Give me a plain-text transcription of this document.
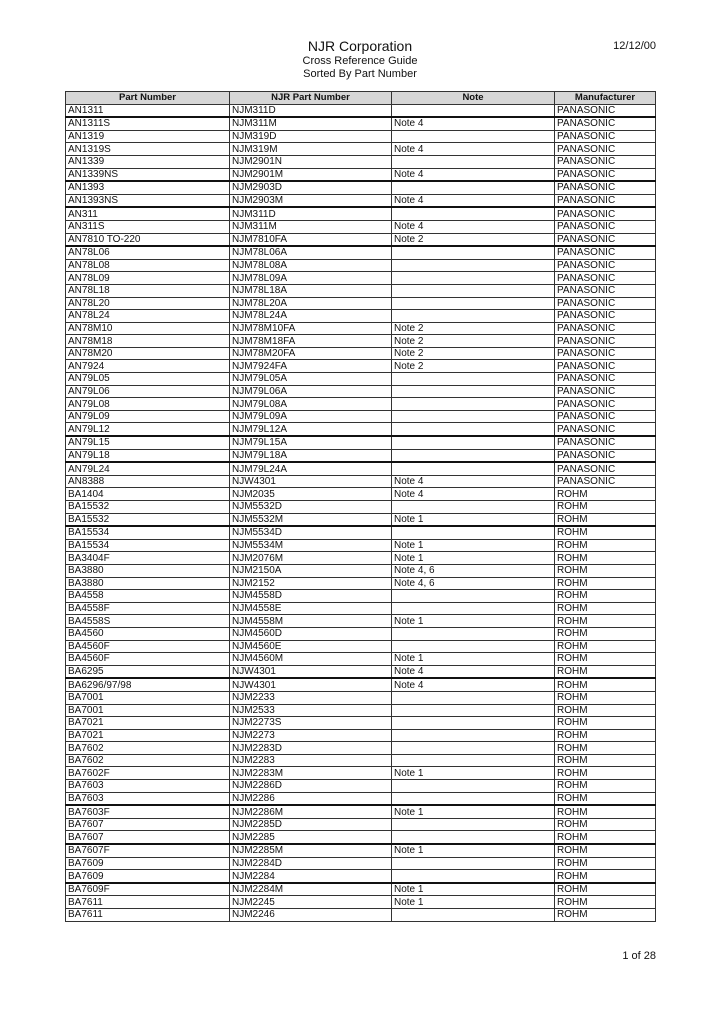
NJR Corporation
Cross Reference Guide
Sorted By Part Number
12/12/00
Part Number	NJR Part Number	Note	Manufacturer
AN1311	NJM311D		PANASONIC
AN1311S	NJM311M	Note 4	PANASONIC
AN1319	NJM319D		PANASONIC
AN1319S	NJM319M	Note 4	PANASONIC
AN1339	NJM2901N		PANASONIC
AN1339NS	NJM2901M	Note 4	PANASONIC
AN1393	NJM2903D		PANASONIC
AN1393NS	NJM2903M	Note 4	PANASONIC
AN311	NJM311D		PANASONIC
AN311S	NJM311M	Note 4	PANASONIC
AN7810 TO-220	NJM7810FA	Note 2	PANASONIC
AN78L06	NJM78L06A		PANASONIC
AN78L08	NJM78L08A		PANASONIC
AN78L09	NJM78L09A		PANASONIC
AN78L18	NJM78L18A		PANASONIC
AN78L20	NJM78L20A		PANASONIC
AN78L24	NJM78L24A		PANASONIC
AN78M10	NJM78M10FA	Note 2	PANASONIC
AN78M18	NJM78M18FA	Note 2	PANASONIC
AN78M20	NJM78M20FA	Note 2	PANASONIC
AN7924	NJM7924FA	Note 2	PANASONIC
AN79L05	NJM79L05A		PANASONIC
AN79L06	NJM79L06A		PANASONIC
AN79L08	NJM79L08A		PANASONIC
AN79L09	NJM79L09A		PANASONIC
AN79L12	NJM79L12A		PANASONIC
AN79L15	NJM79L15A		PANASONIC
AN79L18	NJM79L18A		PANASONIC
AN79L24	NJM79L24A		PANASONIC
AN8388	NJW4301	Note 4	PANASONIC
BA1404	NJM2035	Note 4	ROHM
BA15532	NJM5532D		ROHM
BA15532	NJM5532M	Note 1	ROHM
BA15534	NJM5534D		ROHM
BA15534	NJM5534M	Note 1	ROHM
BA3404F	NJM2076M	Note 1	ROHM
BA3880	NJM2150A	Note 4, 6	ROHM
BA3880	NJM2152	Note 4, 6	ROHM
BA4558	NJM4558D		ROHM
BA4558F	NJM4558E		ROHM
BA4558S	NJM4558M	Note 1	ROHM
BA4560	NJM4560D		ROHM
BA4560F	NJM4560E		ROHM
BA4560F	NJM4560M	Note 1	ROHM
BA6295	NJW4301	Note 4	ROHM
BA6296/97/98	NJW4301	Note 4	ROHM
BA7001	NJM2233		ROHM
BA7001	NJM2533		ROHM
BA7021	NJM2273S		ROHM
BA7021	NJM2273		ROHM
BA7602	NJM2283D		ROHM
BA7602	NJM2283		ROHM
BA7602F	NJM2283M	Note 1	ROHM
BA7603	NJM2286D		ROHM
BA7603	NJM2286		ROHM
BA7603F	NJM2286M	Note 1	ROHM
BA7607	NJM2285D		ROHM
BA7607	NJM2285		ROHM
BA7607F	NJM2285M	Note 1	ROHM
BA7609	NJM2284D		ROHM
BA7609	NJM2284		ROHM
BA7609F	NJM2284M	Note 1	ROHM
BA7611	NJM2245	Note 1	ROHM
BA7611	NJM2246		ROHM
1 of 28
